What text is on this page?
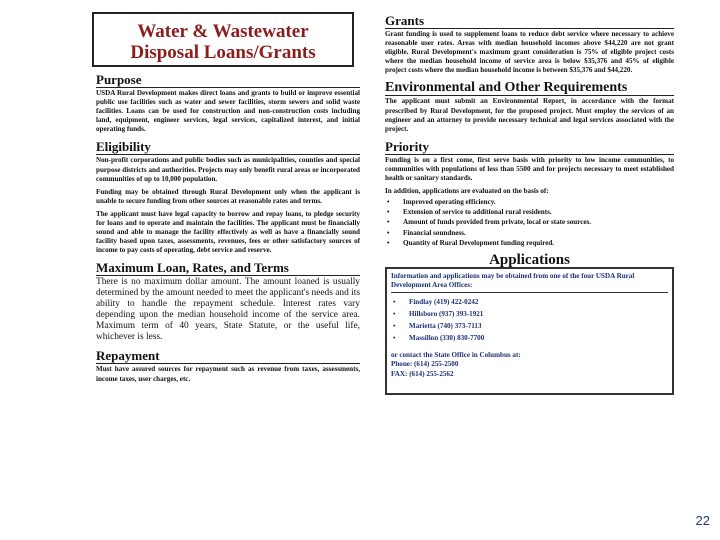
Water & Wastewater
Disposal Loans/Grants
Purpose

USDA Rural Development makes direct loans and grants to build or improve essential public use facilities such as water and sewer facilities, storm sewers and solid waste facilities. Loans can be used for construction and non-construction costs including land, equipment, engineer services, legal services, capitalized interest, and initial operating funds.

Eligibility

Non-profit corporations and public bodies such as municipalities, counties and special purpose districts and authorities. Projects may only benefit rural areas or incorporated communities of up to 10,000 population.

Funding may be obtained through Rural Development only when the applicant is unable to secure funding from other sources at reasonable rates and terms.

The applicant must have legal capacity to borrow and repay loans, to pledge security for loans and to operate and maintain the facilities. The applicant must be financially sound and able to manage the facility effectively as well as have a financially sound facility based upon taxes, assessments, revenues, fees or other satisfactory sources of income to pay costs of operating, debt service and reserve.

Maximum Loan, Rates, and Terms

There is no maximum dollar amount. The amount loaned is usually determined by the amount needed to meet the applicant's needs and its ability to handle the repayment schedule. Interest rates vary depending upon the median household income of the service area. Maximum term of 40 years, State Statute, or the useful life, whichever is less.

Repayment

Must have assured sources for repayment such as revenue from taxes, assessments, income taxes, user charges, etc.

Grants

Grant funding is used to supplement loans to reduce debt service where necessary to achieve reasonable user rates. Areas with median household incomes above $44,220 are not grant eligible. Rural Development's maximum grant consideration is 75% of eligible project costs where the median household income of service area is below $35,376 and 45% of eligible project costs where the median household income is between $35,376 and $44,220.

Environmental and Other Requirements

The applicant must submit an Environmental Report, in accordance with the format prescribed by Rural Development, for the proposed project. Must employ the services of an engineer and an attorney to provide necessary technical and legal services associated with the project.

Priority

Funding is on a first come, first serve basis with priority to low income communities, to communities with populations of less than 5500 and for projects necessary to meet established health or sanitary standards.

In addition, applications are evaluated on the basis of:

• Improved operating efficiency.
• Extension of service to additional rural residents.
• Amount of funds provided from private, local or state sources.
• Financial soundness.
• Quantity of Rural Development funding required.
Applications
Information and applications may be obtained from one of the four USDA Rural Development Area Offices:
• Findlay (419) 422-0242
• Hillsboro (937) 393-1921
• Marietta (740) 373-7113
• Massillon (330) 830-7700
or contact the State Office in Columbus at:
Phone: (614) 255-2500
FAX: (614) 255-2562
22
